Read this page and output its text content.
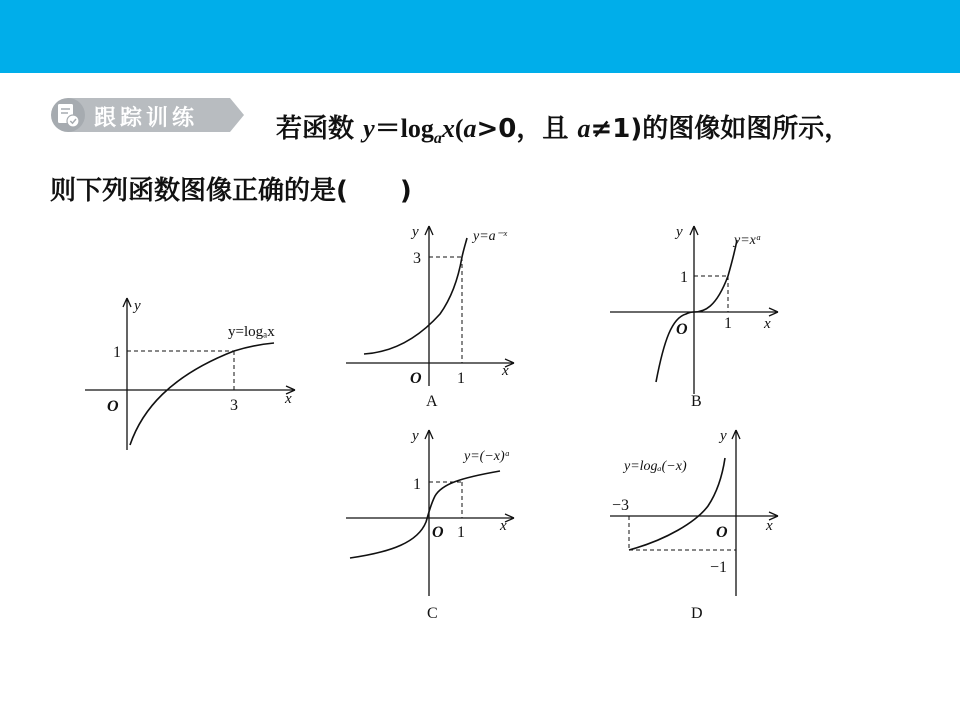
跟踪训练	若函数 $y=\log_ax(a>0$，且 a≠1)的图像如图所示，
则下列函数图像正确的是(　　)
y
x
O
1
3
y=logₐx
y
x
O
3
1
y=a⁻ˣ
A
y
x
O
1
1
y=xᵃ
B
y
x
O
1
1
y=(−x)ᵃ
C
y
x
O
−1
−3
y=logₐ(−x)
D
